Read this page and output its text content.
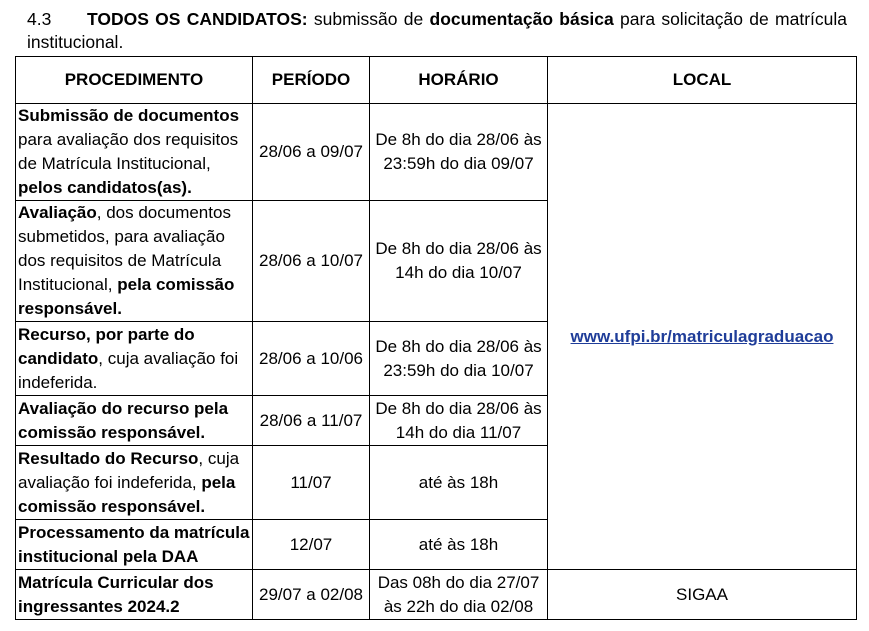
4.3 TODOS OS CANDIDATOS: submissão de documentação básica para solicitação de matrícula institucional.

PROCEDIMENTO	PERÍODO	HORÁRIO	LOCAL
Submissão de documentos para avaliação dos requisitos de Matrícula Institucional, pelos candidatos(as).	28/06 a 09/07	De 8h do dia 28/06 às 23:59h do dia 09/07	www.ufpi.br/matriculagraduacao
Avaliação, dos documentos submetidos, para avaliação dos requisitos de Matrícula Institucional, pela comissão responsável.	28/06 a 10/07	De 8h do dia 28/06 às 14h do dia 10/07	
Recurso, por parte do candidato, cuja avaliação foi indeferida.	28/06 a 10/06	De 8h do dia 28/06 às 23:59h do dia 10/07	
Avaliação do recurso pela comissão responsável.	28/06 a 11/07	De 8h do dia 28/06 às 14h do dia 11/07	
Resultado do Recurso, cuja avaliação foi indeferida, pela comissão responsável.	11/07	até às 18h	
Processamento da matrícula institucional pela DAA	12/07	até às 18h	
Matrícula Curricular dos ingressantes 2024.2	29/07 a 02/08	Das 08h do dia 27/07 às 22h do dia 02/08	SIGAA
